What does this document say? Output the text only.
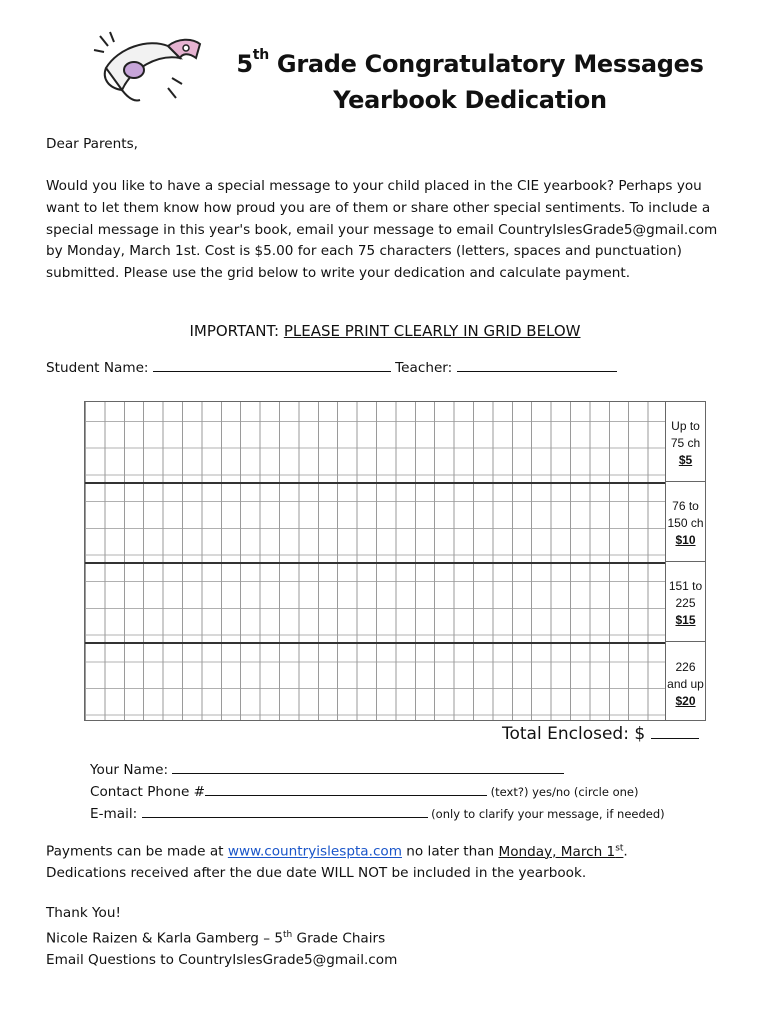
5th Grade Congratulatory Messages
Yearbook Dedication
Dear Parents,
Would you like to have a special message to your child placed in the CIE yearbook? Perhaps you want to let them know how proud you are of them or share other special sentiments. To include a special message in this year's book, email your message to email CountryIslesGrade5@gmail.com by Monday, March 1st. Cost is $5.00 for each 75 characters (letters, spaces and punctuation) submitted. Please use the grid below to write your dedication and calculate payment.
IMPORTANT: PLEASE PRINT CLEARLY IN GRID BELOW
Student Name:	Teacher:
Up to 75 ch
$5
76 to 150 ch
$10
151 to 225
$15
226 and up
$20
Total Enclosed: $
Your Name:
Contact Phone #	(text?) yes/no (circle one)
E-mail:	(only to clarify your message, if needed)
Payments can be made at www.countryislespta.com no later than Monday, March 1st.
Dedications received after the due date WILL NOT be included in the yearbook.
Thank You!
Nicole Raizen & Karla Gamberg – 5th Grade Chairs
Email Questions to CountryIslesGrade5@gmail.com
